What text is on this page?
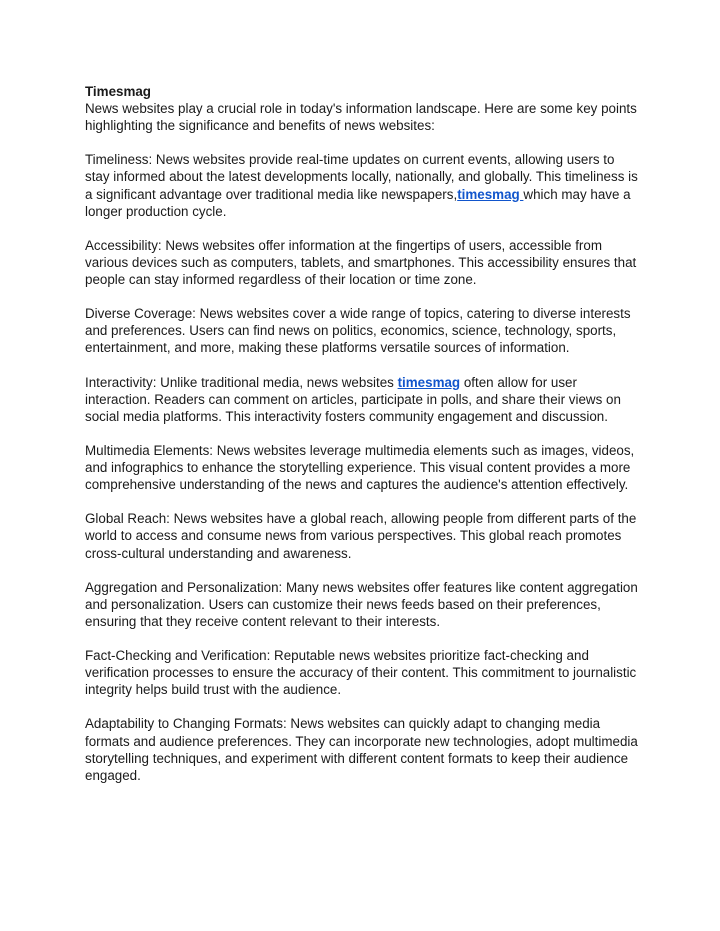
Timesmag

News websites play a crucial role in today's information landscape. Here are some key points highlighting the significance and benefits of news websites:

Timeliness: News websites provide real-time updates on current events, allowing users to stay informed about the latest developments locally, nationally, and globally. This timeliness is a significant advantage over traditional media like newspapers,timesmag which may have a longer production cycle.

Accessibility: News websites offer information at the fingertips of users, accessible from various devices such as computers, tablets, and smartphones. This accessibility ensures that people can stay informed regardless of their location or time zone.

Diverse Coverage: News websites cover a wide range of topics, catering to diverse interests and preferences. Users can find news on politics, economics, science, technology, sports, entertainment, and more, making these platforms versatile sources of information.

Interactivity: Unlike traditional media, news websites timesmag often allow for user interaction. Readers can comment on articles, participate in polls, and share their views on social media platforms. This interactivity fosters community engagement and discussion.

Multimedia Elements: News websites leverage multimedia elements such as images, videos, and infographics to enhance the storytelling experience. This visual content provides a more comprehensive understanding of the news and captures the audience's attention effectively.

Global Reach: News websites have a global reach, allowing people from different parts of the world to access and consume news from various perspectives. This global reach promotes cross-cultural understanding and awareness.

Aggregation and Personalization: Many news websites offer features like content aggregation and personalization. Users can customize their news feeds based on their preferences, ensuring that they receive content relevant to their interests.

Fact-Checking and Verification: Reputable news websites prioritize fact-checking and verification processes to ensure the accuracy of their content. This commitment to journalistic integrity helps build trust with the audience.

Adaptability to Changing Formats: News websites can quickly adapt to changing media formats and audience preferences. They can incorporate new technologies, adopt multimedia storytelling techniques, and experiment with different content formats to keep their audience engaged.
